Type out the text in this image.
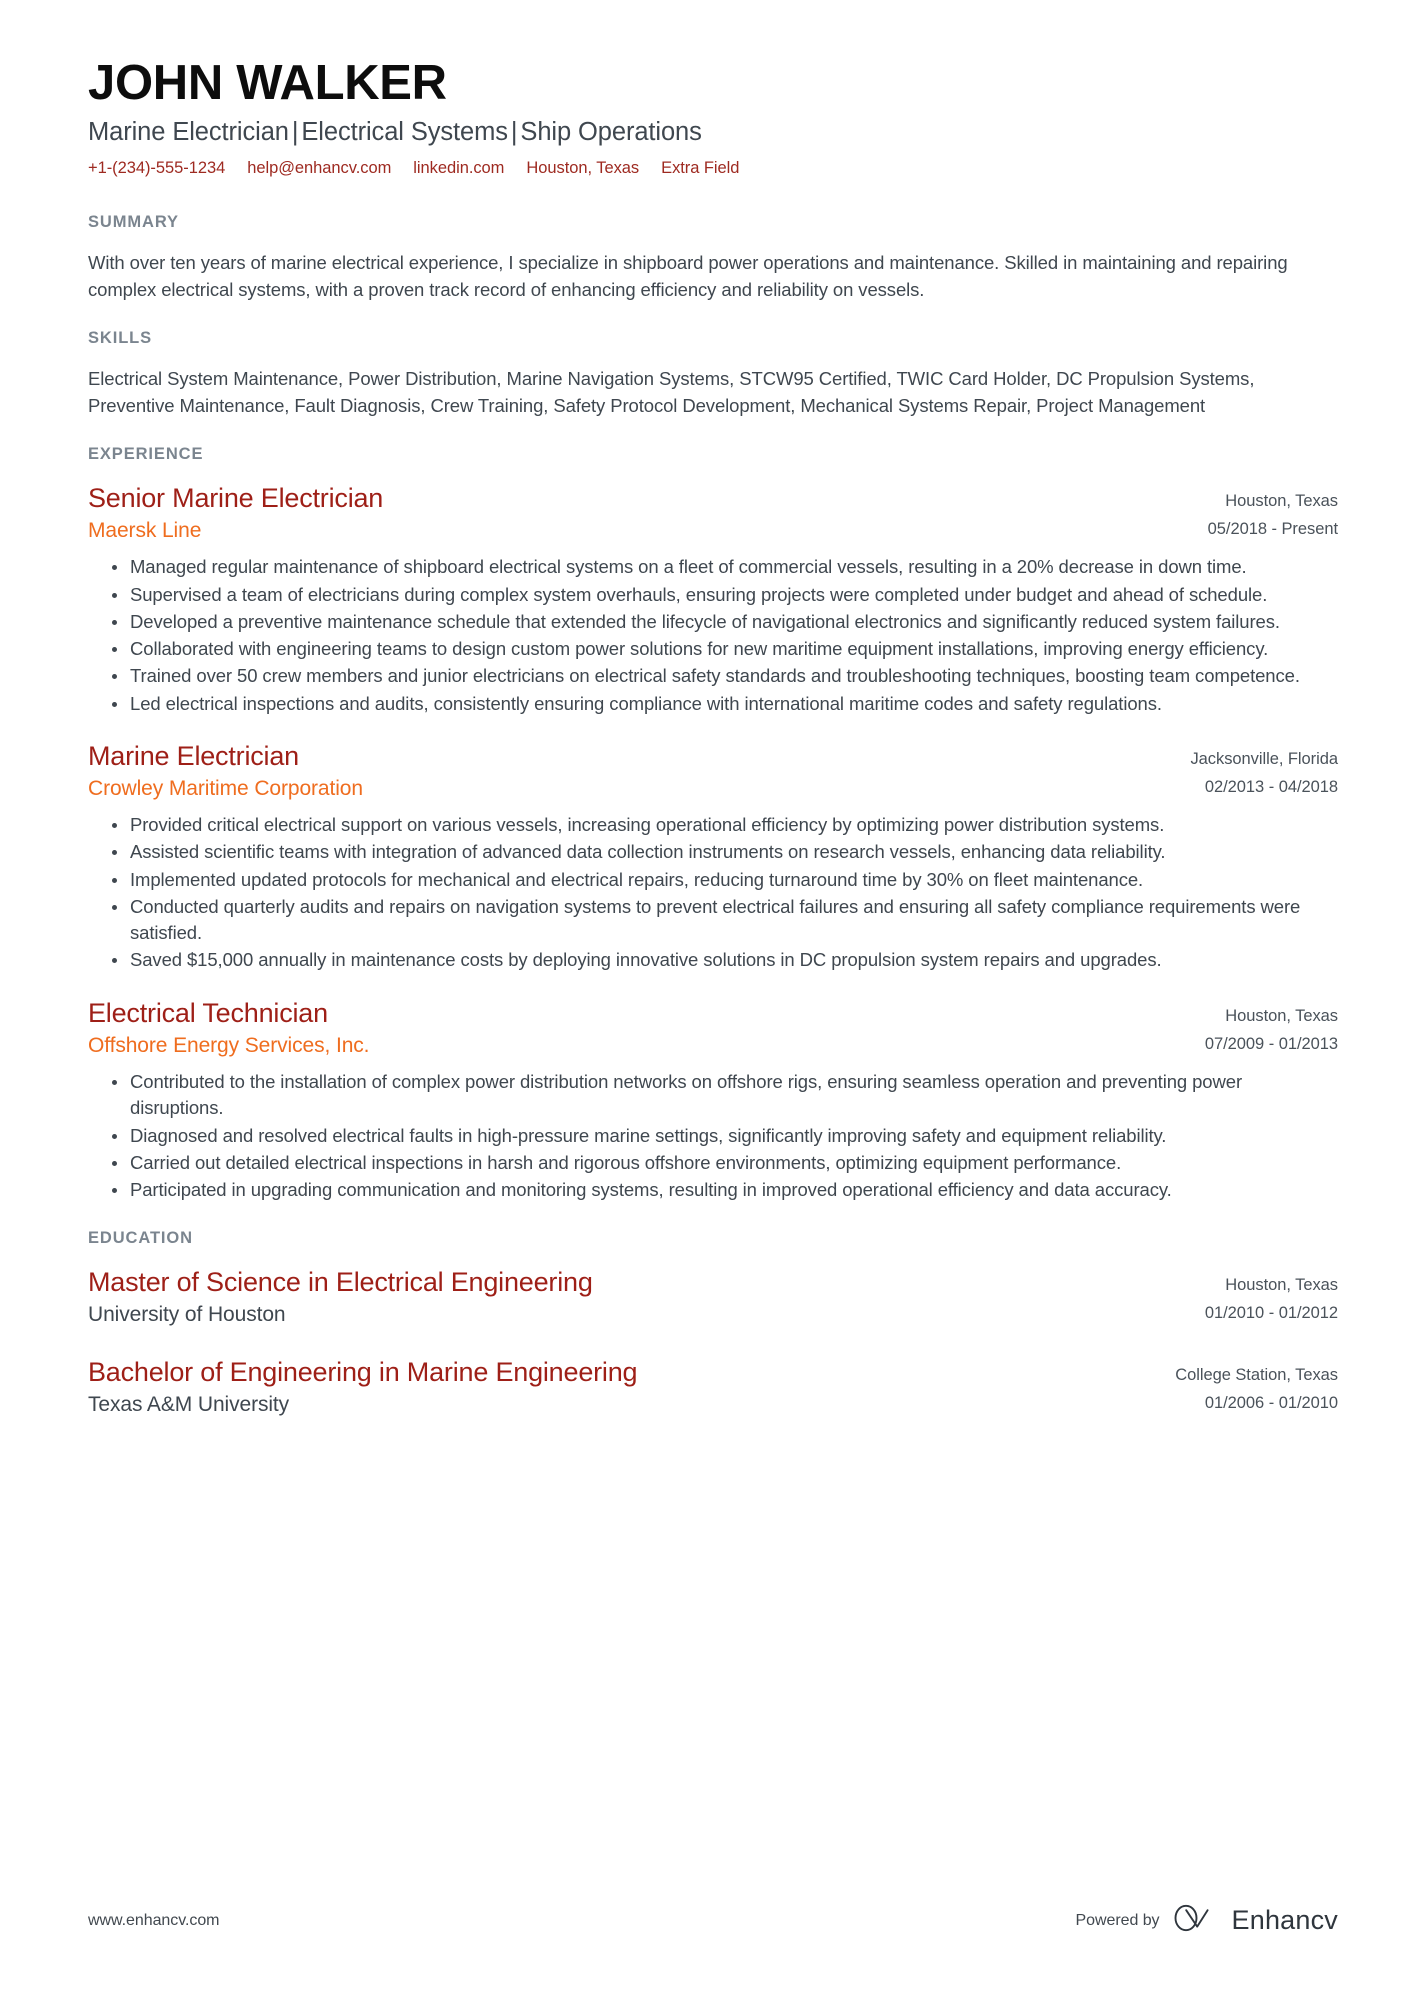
JOHN WALKER
Marine Electrician | Electrical Systems | Ship Operations
+1-(234)-555-1234 help@enhancv.com linkedin.com Houston, Texas Extra Field
SUMMARY
With over ten years of marine electrical experience, I specialize in shipboard power operations and maintenance. Skilled in maintaining and repairing complex electrical systems, with a proven track record of enhancing efficiency and reliability on vessels.
SKILLS
Electrical System Maintenance, Power Distribution, Marine Navigation Systems, STCW95 Certified, TWIC Card Holder, DC Propulsion Systems, Preventive Maintenance, Fault Diagnosis, Crew Training, Safety Protocol Development, Mechanical Systems Repair, Project Management
EXPERIENCE
Senior Marine Electrician
Maersk Line
Houston, Texas
05/2018 - Present
Managed regular maintenance of shipboard electrical systems on a fleet of commercial vessels, resulting in a 20% decrease in down time.
Supervised a team of electricians during complex system overhauls, ensuring projects were completed under budget and ahead of schedule.
Developed a preventive maintenance schedule that extended the lifecycle of navigational electronics and significantly reduced system failures.
Collaborated with engineering teams to design custom power solutions for new maritime equipment installations, improving energy efficiency.
Trained over 50 crew members and junior electricians on electrical safety standards and troubleshooting techniques, boosting team competence.
Led electrical inspections and audits, consistently ensuring compliance with international maritime codes and safety regulations.
Marine Electrician
Crowley Maritime Corporation
Jacksonville, Florida
02/2013 - 04/2018
Provided critical electrical support on various vessels, increasing operational efficiency by optimizing power distribution systems.
Assisted scientific teams with integration of advanced data collection instruments on research vessels, enhancing data reliability.
Implemented updated protocols for mechanical and electrical repairs, reducing turnaround time by 30% on fleet maintenance.
Conducted quarterly audits and repairs on navigation systems to prevent electrical failures and ensuring all safety compliance requirements were satisfied.
Saved $15,000 annually in maintenance costs by deploying innovative solutions in DC propulsion system repairs and upgrades.
Electrical Technician
Offshore Energy Services, Inc.
Houston, Texas
07/2009 - 01/2013
Contributed to the installation of complex power distribution networks on offshore rigs, ensuring seamless operation and preventing power disruptions.
Diagnosed and resolved electrical faults in high-pressure marine settings, significantly improving safety and equipment reliability.
Carried out detailed electrical inspections in harsh and rigorous offshore environments, optimizing equipment performance.
Participated in upgrading communication and monitoring systems, resulting in improved operational efficiency and data accuracy.
EDUCATION
Master of Science in Electrical Engineering
University of Houston
Houston, Texas
01/2010 - 01/2012
Bachelor of Engineering in Marine Engineering
Texas A&M University
College Station, Texas
01/2006 - 01/2010
www.enhancv.com	Powered by	Enhancv
